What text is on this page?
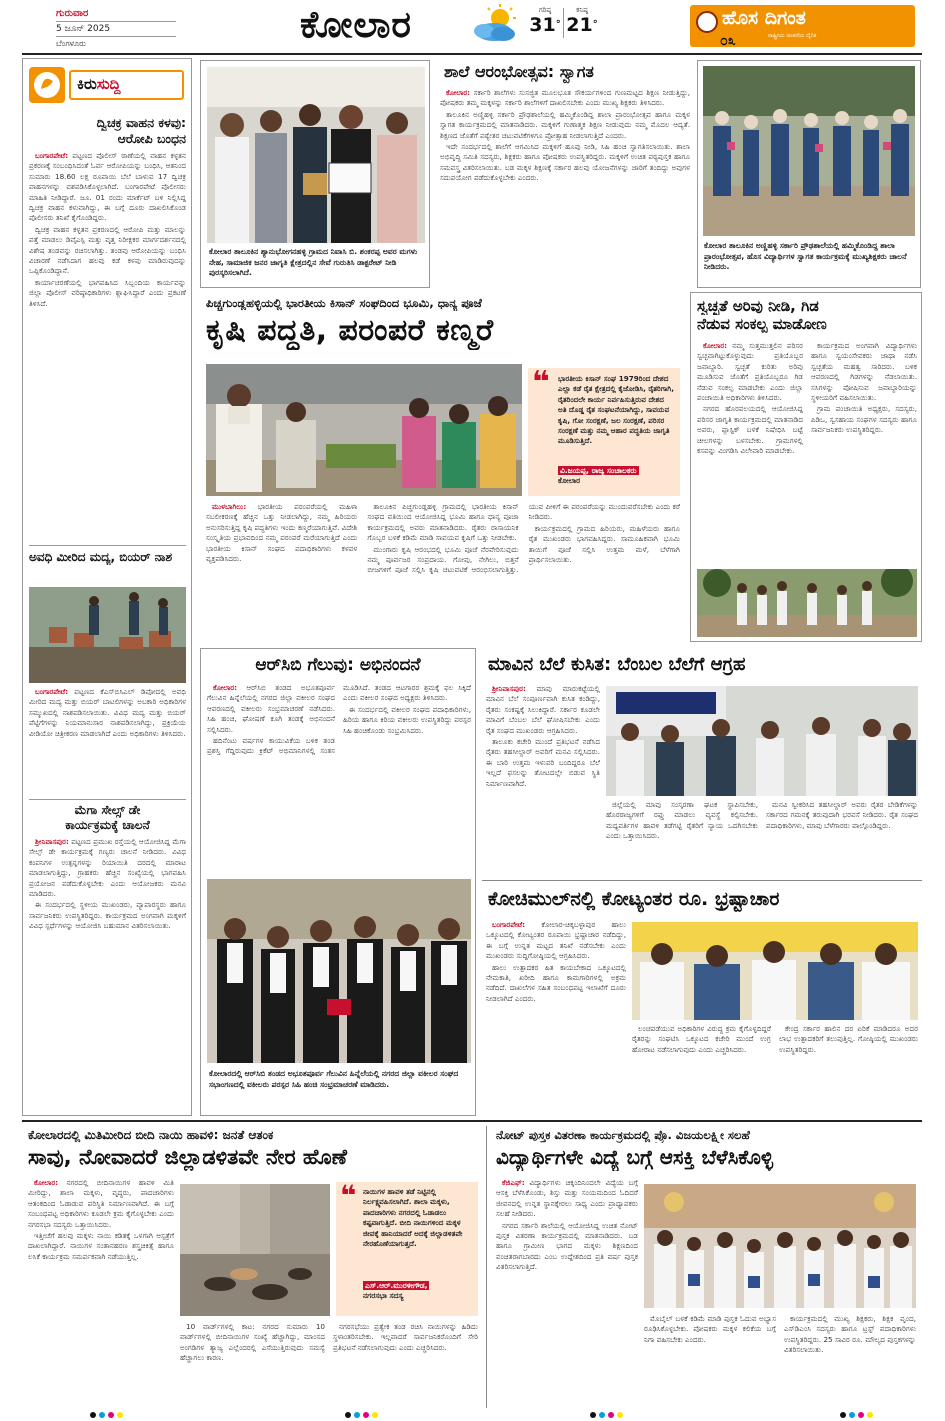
ಗುರುವಾರ
5 ಜೂನ್ 2025
ಬೆಂಗಳೂರು	ಕೋಲಾರ	ಗರಿಷ್ಠ
31°
ಕನಿಷ್ಠ
21°	ಹೊಸ ದಿಗಂತ
ರಾಷ್ಟ್ರೀಯ ಚಿಂತನೆಯ ದೈನಿಕ
೦೩
ಕಿರುಸುದ್ದಿ
ದ್ವಿಚಕ್ರ ವಾಹನ ಕಳವು:
ಆರೋಪಿ ಬಂಧನ

ಬಂಗಾರಪೇಟೆ: ಪಟ್ಟಣದ ಪೊಲೀಸ್ ಠಾಣೆಯಲ್ಲಿ ವಾಹನ ಕಳ್ಳತನ ಪ್ರಕರಣಕ್ಕೆ ಸಂಬಂಧಿಸಿದಂತೆ ಓರ್ವ ಆರೋಪಿಯನ್ನು ಬಂಧಿಸಿ, ಆತನಿಂದ ಸುಮಾರು 18.60 ಲಕ್ಷ ರೂಪಾಯಿ ಬೆಲೆ ಬಾಳುವ 17 ದ್ವಿಚಕ್ರ ವಾಹನಗಳನ್ನು ವಶಪಡಿಸಿಕೊಳ್ಳಲಾಗಿದೆ. ಬಂಗಾರಪೇಟೆ ಪೊಲೀಸರು ಮಾಹಿತಿ ನೀಡಿದ್ದಾರೆ. ಜೂ. 01 ರಂದು ಮಾರ್ಕೆಟ್ ಬಳಿ ನಿಲ್ಲಿಸಿದ್ದ ದ್ವಿಚಕ್ರ ವಾಹನ ಕಳುವಾಗಿದ್ದು, ಈ ಬಗ್ಗೆ ದೂರು ದಾಖಲಿಸಿಕೊಂಡ ಪೊಲೀಸರು ತನಿಖೆ ಕೈಗೊಂಡಿದ್ದರು.

ದ್ವಿಚಕ್ರ ವಾಹನ ಕಳ್ಳತನ ಪ್ರಕರಣದಲ್ಲಿ ಆರೋಪಿ ಮತ್ತು ಮಾಲನ್ನು ಪತ್ತೆ ಮಾಡಲು ಡಿವೈಎಸ್ಪಿ ಮತ್ತು ವೃತ್ತ ನಿರೀಕ್ಷಕರ ಮಾರ್ಗದರ್ಶನದಲ್ಲಿ ವಿಶೇಷ ತಂಡವನ್ನು ರಚಿಸಲಾಗಿತ್ತು. ತಂಡವು ಆರೋಪಿಯನ್ನು ಬಂಧಿಸಿ ವಿಚಾರಣೆ ನಡೆಸಿದಾಗ ಹಲವು ಕಡೆ ಕಳವು ಮಾಡಿರುವುದನ್ನು ಒಪ್ಪಿಕೊಂಡಿದ್ದಾನೆ.

ಕಾರ್ಯಾಚರಣೆಯಲ್ಲಿ ಭಾಗವಹಿಸಿದ ಸಿಬ್ಬಂದಿಯ ಕಾರ್ಯವನ್ನು ಜಿಲ್ಲಾ ಪೊಲೀಸ್ ವರಿಷ್ಠಾಧಿಕಾರಿಗಳು ಶ್ಲಾಘಿಸಿದ್ದಾರೆ ಎಂದು ಪ್ರಕಟಣೆ ತಿಳಿಸಿದೆ.

ಅವಧಿ ಮೀರಿದ ಮದ್ಯ, ಬಿಯರ್ ನಾಶ

ಬಂಗಾರಪೇಟೆ: ಪಟ್ಟಣದ ಕೆಎಸ್‌ಬಿಸಿಎಲ್ ಡಿಪೋದಲ್ಲಿ ಅವಧಿ ಮೀರಿದ ಮದ್ಯ ಮತ್ತು ಬಿಯರ್ ಬಾಟಲಿಗಳನ್ನು ಅಬಕಾರಿ ಅಧಿಕಾರಿಗಳ ಸಮ್ಮುಖದಲ್ಲಿ ನಾಶಪಡಿಸಲಾಯಿತು. ವಿವಿಧ ಮದ್ಯ ಮತ್ತು ಬಿಯರ್ ಪೆಟ್ಟಿಗೆಗಳನ್ನು ನಿಯಮಾನುಸಾರ ನಾಶಪಡಿಸಲಾಗಿದ್ದು, ಪ್ರಕ್ರಿಯೆಯ ವೀಡಿಯೋ ಚಿತ್ರೀಕರಣ ಮಾಡಲಾಗಿದೆ ಎಂದು ಅಧಿಕಾರಿಗಳು ತಿಳಿಸಿದರು.

ಮೆಗಾ ಸೇಲ್ಸ್ ಡೇ
ಕಾರ್ಯಕ್ರಮಕ್ಕೆ ಚಾಲನೆ

ಶ್ರೀನಿವಾಸಪುರ: ಪಟ್ಟಣದ ಪ್ರಮುಖ ರಸ್ತೆಯಲ್ಲಿ ಆಯೋಜಿಸಿದ್ದ ಮೆಗಾ ಸೇಲ್ಸ್ ಡೇ ಕಾರ್ಯಕ್ರಮಕ್ಕೆ ಗಣ್ಯರು ಚಾಲನೆ ನೀಡಿದರು. ವಿವಿಧ ಕಂಪನಿಗಳ ಉತ್ಪನ್ನಗಳನ್ನು ರಿಯಾಯಿತಿ ದರದಲ್ಲಿ ಮಾರಾಟ ಮಾಡಲಾಗುತ್ತಿದ್ದು, ಗ್ರಾಹಕರು ಹೆಚ್ಚಿನ ಸಂಖ್ಯೆಯಲ್ಲಿ ಭಾಗವಹಿಸಿ ಪ್ರಯೋಜನ ಪಡೆದುಕೊಳ್ಳಬೇಕು ಎಂದು ಆಯೋಜಕರು ಮನವಿ ಮಾಡಿದರು.

ಈ ಸಂದರ್ಭದಲ್ಲಿ ಸ್ಥಳೀಯ ಮುಖಂಡರು, ವ್ಯಾಪಾರಸ್ಥರು ಹಾಗೂ ಸಾರ್ವಜನಿಕರು ಉಪಸ್ಥಿತರಿದ್ದರು. ಕಾರ್ಯಕ್ರಮದ ಅಂಗವಾಗಿ ಮಕ್ಕಳಿಗೆ ವಿವಿಧ ಸ್ಪರ್ಧೆಗಳನ್ನು ಆಯೋಜಿಸಿ ಬಹುಮಾನ ವಿತರಿಸಲಾಯಿತು.

ಕೋಲಾರ ತಾಲೂಕಿನ ಶ್ಯಾನುಭೋಗನಹಳ್ಳಿ ಗ್ರಾಮದ ನಿವಾಸಿ ಬಿ. ಶಂಕರಪ್ಪ ಅವರ ಮಗಳು ನೇಹ, ಸಾಮಾಜಿಕ ಜನರ ಜಾಗೃತಿ ಕ್ಷೇತ್ರದಲ್ಲಿನ ಸೇವೆ ಗುರುತಿಸಿ ಡಾಕ್ಟರೇಟ್ ನೀಡಿ ಪುರಸ್ಕರಿಸಲಾಗಿದೆ.
ಶಾಲೆ ಆರಂಭೋತ್ಸವ: ಸ್ವಾಗತ

ಕೋಲಾರ: ಸರ್ಕಾರಿ ಶಾಲೆಗಳು ಸುಸಜ್ಜಿತ ಮೂಲಭೂತ ಸೌಕರ್ಯಗಳಿಂದ ಗುಣಮಟ್ಟದ ಶಿಕ್ಷಣ ನೀಡುತ್ತಿದ್ದು, ಪೋಷಕರು ತಮ್ಮ ಮಕ್ಕಳನ್ನು ಸರ್ಕಾರಿ ಶಾಲೆಗಳಿಗೆ ದಾಖಲಿಸಬೇಕು ಎಂದು ಮುಖ್ಯ ಶಿಕ್ಷಕರು ತಿಳಿಸಿದರು.

ತಾಲೂಕಿನ ಅಣ್ಣಿಹಳ್ಳಿ ಸರ್ಕಾರಿ ಪ್ರೌಢಶಾಲೆಯಲ್ಲಿ ಹಮ್ಮಿಕೊಂಡಿದ್ದ ಶಾಲಾ ಪ್ರಾರಂಭೋತ್ಸವ ಹಾಗೂ ಮಕ್ಕಳ ಸ್ವಾಗತ ಕಾರ್ಯಕ್ರಮದಲ್ಲಿ ಮಾತನಾಡಿದರು. ಮಕ್ಕಳಿಗೆ ಗುಣಾತ್ಮಕ ಶಿಕ್ಷಣ ನೀಡುವುದು ನಮ್ಮ ಮೊದಲ ಆದ್ಯತೆ. ಶಿಕ್ಷಣದ ಜೊತೆಗೆ ಪಠ್ಯೇತರ ಚಟುವಟಿಕೆಗಳಿಗೂ ಪ್ರೋತ್ಸಾಹ ನೀಡಲಾಗುತ್ತಿದೆ ಎಂದರು.

ಇದೇ ಸಂದರ್ಭದಲ್ಲಿ ಶಾಲೆಗೆ ಆಗಮಿಸಿದ ಮಕ್ಕಳಿಗೆ ಹೂವು ನೀಡಿ, ಸಿಹಿ ಹಂಚಿ ಸ್ವಾಗತಿಸಲಾಯಿತು. ಶಾಲಾ ಅಭಿವೃದ್ಧಿ ಸಮಿತಿ ಸದಸ್ಯರು, ಶಿಕ್ಷಕರು ಹಾಗೂ ಪೋಷಕರು ಉಪಸ್ಥಿತರಿದ್ದರು. ಮಕ್ಕಳಿಗೆ ಉಚಿತ ಪಠ್ಯಪುಸ್ತಕ ಹಾಗೂ ಸಮವಸ್ತ್ರ ವಿತರಿಸಲಾಯಿತು. ಬಡ ಮಕ್ಕಳ ಶಿಕ್ಷಣಕ್ಕೆ ಸರ್ಕಾರ ಹಲವು ಯೋಜನೆಗಳನ್ನು ಜಾರಿಗೆ ತಂದಿದ್ದು ಅವುಗಳ ಸದುಪಯೋಗ ಪಡೆದುಕೊಳ್ಳಬೇಕು ಎಂದರು.

ಕೋಲಾರ ತಾಲೂಕಿನ ಅಣ್ಣಿಹಳ್ಳಿ ಸರ್ಕಾರಿ ಪ್ರೌಢಶಾಲೆಯಲ್ಲಿ ಹಮ್ಮಿಕೊಂಡಿದ್ದ ಶಾಲಾ ಪ್ರಾರಂಭೋತ್ಸವ, ಹೊಸ ವಿದ್ಯಾರ್ಥಿಗಳ ಸ್ವಾಗತ ಕಾರ್ಯಕ್ರಮಕ್ಕೆ ಮುಖ್ಯಶಿಕ್ಷಕರು ಚಾಲನೆ ನೀಡಿದರು.
ಪಿಚ್ಚಗುಂಡ್ಲಹಳ್ಳಿಯಲ್ಲಿ ಭಾರತೀಯ ಕಿಸಾನ್ ಸಂಘದಿಂದ ಭೂಮಿ, ಧಾನ್ಯ ಪೂಜೆ
ಕೃಷಿ ಪದ್ಧತಿ, ಪರಂಪರೆ ಕಣ್ಮರೆ
❝ ಭಾರತೀಯ ಕಿಸಾನ್ ಸಂಘ 1979ರಿಂದ ದೇಶದ ಎಲ್ಲಾ ಕಡೆ ರೈತ ಕ್ಷೇತ್ರದಲ್ಲಿ ಕೈಜೋಡಿಸಿ, ರೈತರಿಗಾಗಿ, ರೈತರಿಂದಲೇ ಕಾರ್ಯ ನಿರ್ವಹಿಸುತ್ತಿರುವ ದೇಶದ ಅತಿ ದೊಡ್ಡ ರೈತ ಸಂಘಟನೆಯಾಗಿದ್ದು, ಸಾವಯವ ಕೃಷಿ, ಗೋ ಸಂರಕ್ಷಣೆ, ಜಲ ಸಂರಕ್ಷಣೆ, ಪರಿಸರ ಸಂರಕ್ಷಣೆ ಮತ್ತು ನಮ್ಮ ಆಹಾರ ಪದ್ಧತಿಯ ಜಾಗೃತಿ ಮೂಡಿಸುತ್ತಿದೆ.
ವಿ.ಜಯಪ್ಪ, ರಾಜ್ಯ ಸಂಚಾಲಕರು
ಕೋಲಾರ

ಮುಳಬಾಗಿಲು: ಭಾರತೀಯ ಪರಂಪರೆಯಲ್ಲಿ ಮಹಿಳಾ ಸಬಲೀಕರಣಕ್ಕೆ ಹೆಚ್ಚಿನ ಒತ್ತು ನೀಡಲಾಗಿದ್ದು, ನಮ್ಮ ಹಿರಿಯರು ಅನುಸರಿಸುತ್ತಿದ್ದ ಕೃಷಿ ಪದ್ಧತಿಗಳು ಇಂದು ಕಣ್ಮರೆಯಾಗುತ್ತಿವೆ. ವಿದೇಶಿ ಸಂಸ್ಕೃತಿಯ ಪ್ರಭಾವದಿಂದ ನಮ್ಮ ಪರಂಪರೆ ಮರೆಯಾಗುತ್ತಿದೆ ಎಂದು ಭಾರತೀಯ ಕಿಸಾನ್ ಸಂಘದ ಪದಾಧಿಕಾರಿಗಳು ಕಳವಳ ವ್ಯಕ್ತಪಡಿಸಿದರು.

ತಾಲೂಕಿನ ಪಿಚ್ಚಗುಂಡ್ಲಹಳ್ಳಿ ಗ್ರಾಮದಲ್ಲಿ ಭಾರತೀಯ ಕಿಸಾನ್ ಸಂಘದ ವತಿಯಿಂದ ಆಯೋಜಿಸಿದ್ದ ಭೂಮಿ ಹಾಗೂ ಧಾನ್ಯ ಪೂಜಾ ಕಾರ್ಯಕ್ರಮದಲ್ಲಿ ಅವರು ಮಾತನಾಡಿದರು. ರೈತರು ರಾಸಾಯನಿಕ ಗೊಬ್ಬರ ಬಳಕೆ ಕಡಿಮೆ ಮಾಡಿ ಸಾವಯವ ಕೃಷಿಗೆ ಒತ್ತು ನೀಡಬೇಕು.

ಮುಂಗಾರು ಕೃಷಿ ಆರಂಭದಲ್ಲಿ ಭೂಮಿ ಪೂಜೆ ನೆರವೇರಿಸುವುದು ನಮ್ಮ ಪೂರ್ವಜರ ಸಂಪ್ರದಾಯ. ಗೋವು, ನೇಗಿಲು, ಬಿತ್ತನೆ ಬೀಜಗಳಿಗೆ ಪೂಜೆ ಸಲ್ಲಿಸಿ ಕೃಷಿ ಚಟುವಟಿಕೆ ಆರಂಭಿಸಲಾಗುತ್ತಿತ್ತು. ಯುವ ಪೀಳಿಗೆ ಈ ಪರಂಪರೆಯನ್ನು ಮುಂದುವರೆಸಬೇಕು ಎಂದು ಕರೆ ನೀಡಿದರು.

ಕಾರ್ಯಕ್ರಮದಲ್ಲಿ ಗ್ರಾಮದ ಹಿರಿಯರು, ಮಹಿಳೆಯರು ಹಾಗೂ ರೈತ ಮುಖಂಡರು ಭಾಗವಹಿಸಿದ್ದರು. ಸಾಮೂಹಿಕವಾಗಿ ಭೂಮಿ ತಾಯಿಗೆ ಪೂಜೆ ಸಲ್ಲಿಸಿ ಉತ್ತಮ ಮಳೆ, ಬೆಳೆಗಾಗಿ ಪ್ರಾರ್ಥಿಸಲಾಯಿತು.

ಸ್ವಚ್ಛತೆ ಅರಿವು ನೀಡಿ, ಗಿಡ
ನೆಡುವ ಸಂಕಲ್ಪ ಮಾಡೋಣ

ಕೋಲಾರ: ನಮ್ಮ ಸುತ್ತಮುತ್ತಲಿನ ಪರಿಸರ ಸ್ವಚ್ಛವಾಗಿಟ್ಟುಕೊಳ್ಳುವುದು ಪ್ರತಿಯೊಬ್ಬರ ಜವಾಬ್ದಾರಿ. ಸ್ವಚ್ಛತೆ ಕುರಿತು ಅರಿವು ಮೂಡಿಸುವ ಜೊತೆಗೆ ಪ್ರತಿಯೊಬ್ಬರೂ ಗಿಡ ನೆಡುವ ಸಂಕಲ್ಪ ಮಾಡಬೇಕು ಎಂದು ಜಿಲ್ಲಾ ಪಂಚಾಯಿತಿ ಅಧಿಕಾರಿಗಳು ತಿಳಿಸಿದರು.

ನಗರದ ಹೊರವಲಯದಲ್ಲಿ ಆಯೋಜಿಸಿದ್ದ ಪರಿಸರ ಜಾಗೃತಿ ಕಾರ್ಯಕ್ರಮದಲ್ಲಿ ಮಾತನಾಡಿದ ಅವರು, ಪ್ಲಾಸ್ಟಿಕ್ ಬಳಕೆ ನಿಷೇಧಿಸಿ ಬಟ್ಟೆ ಚೀಲಗಳನ್ನು ಬಳಸಬೇಕು. ಗ್ರಾಮಗಳಲ್ಲಿ ಕಸವನ್ನು ವಿಂಗಡಿಸಿ ವಿಲೇವಾರಿ ಮಾಡಬೇಕು.

ಕಾರ್ಯಕ್ರಮದ ಅಂಗವಾಗಿ ವಿದ್ಯಾರ್ಥಿಗಳು ಹಾಗೂ ಸ್ವಯಂಸೇವಕರು ಜಾಥಾ ನಡೆಸಿ ಸ್ವಚ್ಛತೆಯ ಮಹತ್ವ ಸಾರಿದರು. ಬಳಿಕ ಆವರಣದಲ್ಲಿ ಗಿಡಗಳನ್ನು ನೆಡಲಾಯಿತು. ಸಸಿಗಳನ್ನು ಪೋಷಿಸುವ ಜವಾಬ್ದಾರಿಯನ್ನು ಸ್ಥಳೀಯರಿಗೆ ವಹಿಸಲಾಯಿತು.

ಗ್ರಾಮ ಪಂಚಾಯಿತಿ ಅಧ್ಯಕ್ಷರು, ಸದಸ್ಯರು, ಪಿಡಿಒ, ಸ್ವಸಹಾಯ ಸಂಘಗಳ ಸದಸ್ಯರು ಹಾಗೂ ಸಾರ್ವಜನಿಕರು ಉಪಸ್ಥಿತರಿದ್ದರು.

ಆರ್‌ಸಿಬಿ ಗೆಲುವು: ಅಭಿನಂದನೆ

ಕೋಲಾರ: ಆರ್‌ಸಿಬಿ ತಂಡದ ಅಭೂತಪೂರ್ವ ಗೆಲುವಿನ ಹಿನ್ನೆಲೆಯಲ್ಲಿ ನಗರದ ಜಿಲ್ಲಾ ವಕೀಲರ ಸಂಘದ ಆವರಣದಲ್ಲಿ ವಕೀಲರು ಸಂಭ್ರಮಾಚರಣೆ ನಡೆಸಿದರು. ಸಿಹಿ ಹಂಚಿ, ಘೋಷಣೆ ಕೂಗಿ ತಂಡಕ್ಕೆ ಅಭಿನಂದನೆ ಸಲ್ಲಿಸಿದರು.

ಹದಿನೆಂಟು ವರ್ಷಗಳ ಕಾಯುವಿಕೆಯ ಬಳಿಕ ತಂಡ ಪ್ರಶಸ್ತಿ ಗೆದ್ದಿರುವುದು ಕ್ರಿಕೆಟ್ ಅಭಿಮಾನಿಗಳಲ್ಲಿ ಸಂತಸ ಮೂಡಿಸಿದೆ. ತಂಡದ ಆಟಗಾರರ ಶ್ರಮಕ್ಕೆ ಫಲ ಸಿಕ್ಕಿದೆ ಎಂದು ವಕೀಲರ ಸಂಘದ ಅಧ್ಯಕ್ಷರು ತಿಳಿಸಿದರು.

ಈ ಸಂದರ್ಭದಲ್ಲಿ ವಕೀಲರ ಸಂಘದ ಪದಾಧಿಕಾರಿಗಳು, ಹಿರಿಯ ಹಾಗೂ ಕಿರಿಯ ವಕೀಲರು ಉಪಸ್ಥಿತರಿದ್ದು ಪರಸ್ಪರ ಸಿಹಿ ಹಂಚಿಕೊಂಡು ಸಂಭ್ರಮಿಸಿದರು.

ಕೋಲಾರದಲ್ಲಿ ಆರ್‌ಸಿಬಿ ತಂಡದ ಅಭೂತಪೂರ್ವ ಗೆಲುವಿನ ಹಿನ್ನೆಲೆಯಲ್ಲಿ ನಗರದ ಜಿಲ್ಲಾ ವಕೀಲರ ಸಂಘದ ಸಭಾಂಗಣದಲ್ಲಿ ವಕೀಲರು ಪರಸ್ಪರ ಸಿಹಿ ಹಂಚಿ ಸಂಭ್ರಮಾಚರಣೆ ಮಾಡಿದರು.
ಮಾವಿನ ಬೆಲೆ ಕುಸಿತ: ಬೆಂಬಲ ಬೆಲೆಗೆ ಆಗ್ರಹ

ಶ್ರೀನಿವಾಸಪುರ: ಮಾವು ಮಾರುಕಟ್ಟೆಯಲ್ಲಿ ಮಾವಿನ ಬೆಲೆ ಸಂಪೂರ್ಣವಾಗಿ ಕುಸಿತ ಕಂಡಿದ್ದು, ರೈತರು ಸಂಕಷ್ಟಕ್ಕೆ ಸಿಲುಕಿದ್ದಾರೆ. ಸರ್ಕಾರ ಕೂಡಲೇ ಮಾವಿಗೆ ಬೆಂಬಲ ಬೆಲೆ ಘೋಷಿಸಬೇಕು ಎಂದು ರೈತ ಸಂಘದ ಮುಖಂಡರು ಆಗ್ರಹಿಸಿದರು.

ತಾಲೂಕು ಕಚೇರಿ ಮುಂದೆ ಪ್ರತಿಭಟನೆ ನಡೆಸಿದ ರೈತರು ತಹಸೀಲ್ದಾರ್ ಅವರಿಗೆ ಮನವಿ ಸಲ್ಲಿಸಿದರು. ಈ ಬಾರಿ ಉತ್ತಮ ಇಳುವರಿ ಬಂದಿದ್ದರೂ ಬೆಲೆ ಇಲ್ಲದೆ ಫಸಲನ್ನು ತೋಟದಲ್ಲೇ ಬಿಡುವ ಸ್ಥಿತಿ ನಿರ್ಮಾಣವಾಗಿದೆ.

ಜಿಲ್ಲೆಯಲ್ಲಿ ಮಾವು ಸಂಸ್ಕರಣಾ ಘಟಕ ಸ್ಥಾಪಿಸಬೇಕು, ಹೊರರಾಜ್ಯಗಳಿಗೆ ರಫ್ತು ಮಾಡಲು ವ್ಯವಸ್ಥೆ ಕಲ್ಪಿಸಬೇಕು. ಮಧ್ಯವರ್ತಿಗಳ ಹಾವಳಿ ತಡೆಗಟ್ಟಿ ರೈತರಿಗೆ ನ್ಯಾಯ ಒದಗಿಸಬೇಕು ಎಂದು ಒತ್ತಾಯಿಸಿದರು.

ಮನವಿ ಸ್ವೀಕರಿಸಿದ ತಹಸೀಲ್ದಾರ್ ಅವರು ರೈತರ ಬೇಡಿಕೆಗಳನ್ನು ಸರ್ಕಾರದ ಗಮನಕ್ಕೆ ತರುವುದಾಗಿ ಭರವಸೆ ನೀಡಿದರು. ರೈತ ಸಂಘದ ಪದಾಧಿಕಾರಿಗಳು, ಮಾವು ಬೆಳೆಗಾರರು ಪಾಲ್ಗೊಂಡಿದ್ದರು.

ಕೋಚಿಮುಲ್‌ನಲ್ಲಿ ಕೋಟ್ಯಂತರ ರೂ. ಭ್ರಷ್ಟಾಚಾರ

ಬಂಗಾರಪೇಟೆ: ಕೋಲಾರ-ಚಿಕ್ಕಬಳ್ಳಾಪುರ ಹಾಲು ಒಕ್ಕೂಟದಲ್ಲಿ ಕೋಟ್ಯಂತರ ರೂಪಾಯಿ ಭ್ರಷ್ಟಾಚಾರ ನಡೆದಿದ್ದು, ಈ ಬಗ್ಗೆ ಉನ್ನತ ಮಟ್ಟದ ತನಿಖೆ ನಡೆಸಬೇಕು ಎಂದು ಮುಖಂಡರು ಸುದ್ದಿಗೋಷ್ಠಿಯಲ್ಲಿ ಆಗ್ರಹಿಸಿದರು.

ಹಾಲು ಉತ್ಪಾದಕರ ಹಿತ ಕಾಯಬೇಕಾದ ಒಕ್ಕೂಟದಲ್ಲಿ ನೇಮಕಾತಿ, ಖರೀದಿ ಹಾಗೂ ಕಾಮಗಾರಿಗಳಲ್ಲಿ ಅಕ್ರಮ ನಡೆದಿದೆ. ದಾಖಲೆಗಳ ಸಹಿತ ಸಂಬಂಧಪಟ್ಟ ಇಲಾಖೆಗೆ ದೂರು ನೀಡಲಾಗಿದೆ ಎಂದರು.

ಲಂಚಪಡೆಯುವ ಅಧಿಕಾರಿಗಳ ವಿರುದ್ಧ ಕ್ರಮ ಕೈಗೊಳ್ಳದಿದ್ದರೆ ರೈತರನ್ನು ಸಂಘಟಿಸಿ ಒಕ್ಕೂಟದ ಕಚೇರಿ ಮುಂದೆ ಉಗ್ರ ಹೋರಾಟ ನಡೆಸಲಾಗುವುದು ಎಂದು ಎಚ್ಚರಿಸಿದರು.

ಕೇಂದ್ರ ಸರ್ಕಾರ ಹಾಲಿನ ದರ ಏರಿಕೆ ಮಾಡಿದರೂ ಅದರ ಲಾಭ ಉತ್ಪಾದಕರಿಗೆ ತಲುಪುತ್ತಿಲ್ಲ. ಗೋಷ್ಠಿಯಲ್ಲಿ ಮುಖಂಡರು ಉಪಸ್ಥಿತರಿದ್ದರು.

ಕೋಲಾರದಲ್ಲಿ ಮಿತಿಮೀರಿದ ಬೀದಿ ನಾಯಿ ಹಾವಳಿ: ಜನತೆ ಆತಂಕ
ಸಾವು, ನೋವಾದರೆ ಜಿಲ್ಲಾಡಳಿತವೇ ನೇರ ಹೊಣೆ

ಕೋಲಾರ: ನಗರದಲ್ಲಿ ಬೀದಿನಾಯಿಗಳ ಹಾವಳಿ ಮಿತಿ ಮೀರಿದ್ದು, ಶಾಲಾ ಮಕ್ಕಳು, ವೃದ್ಧರು, ಪಾದಚಾರಿಗಳು ಆತಂಕದಿಂದ ಓಡಾಡುವ ಪರಿಸ್ಥಿತಿ ನಿರ್ಮಾಣವಾಗಿದೆ. ಈ ಬಗ್ಗೆ ಸಂಬಂಧಪಟ್ಟ ಅಧಿಕಾರಿಗಳು ಕೂಡಲೇ ಕ್ರಮ ಕೈಗೊಳ್ಳಬೇಕು ಎಂದು ನಗರಸಭಾ ಸದಸ್ಯರು ಒತ್ತಾಯಿಸಿದರು.

ಇತ್ತೀಚೆಗೆ ಹಲವು ಮಕ್ಕಳು ನಾಯಿ ಕಡಿತಕ್ಕೆ ಒಳಗಾಗಿ ಆಸ್ಪತ್ರೆಗೆ ದಾಖಲಾಗಿದ್ದಾರೆ. ನಾಯಿಗಳ ಸಂತಾನಹರಣ ಶಸ್ತ್ರಚಿಕಿತ್ಸೆ ಹಾಗೂ ಲಸಿಕೆ ಕಾರ್ಯಕ್ರಮ ಸಮರ್ಪಕವಾಗಿ ನಡೆಯುತ್ತಿಲ್ಲ.

❝ ನಾಯಿಗಳ ಹಾವಳಿ ತಡೆ ನಿಟ್ಟಿನಲ್ಲಿ ನಿರ್ಲಕ್ಷ್ಯವಹಿಸಲಾಗಿದೆ. ಶಾಲಾ ಮಕ್ಕಳು, ಪಾದಚಾರಿಗಳು ನಗರದಲ್ಲಿ ಓಡಾಡಲು ಕಷ್ಟವಾಗುತ್ತಿದೆ. ಬೀದಿ ನಾಯಿಗಳಿಂದ ಮಕ್ಕಳ ಜೀವಕ್ಕೆ ಹಾನಿಯಾದರೆ ಅದಕ್ಕೆ ಜಿಲ್ಲಾಡಳಿತವೇ ನೇರಹೊಣೆಯಾಗುತ್ತದೆ.
ಎಸ್.ಆರ್.ಮುರಳೀಗೌಡ,
ನಗರಸಭಾ ಸದಸ್ಯ

10 ವಾರ್ಡ್‌ಗಳಲ್ಲಿ ಕಾಟ: ನಗರದ ಸುಮಾರು 10 ವಾರ್ಡ್‌ಗಳಲ್ಲಿ ಬೀದಿನಾಯಿಗಳ ಸಂಖ್ಯೆ ಹೆಚ್ಚಾಗಿದ್ದು, ಮಾಂಸದ ಅಂಗಡಿಗಳ ತ್ಯಾಜ್ಯ ಎಲ್ಲೆಂದರಲ್ಲಿ ಎಸೆಯುತ್ತಿರುವುದು ಸಮಸ್ಯೆ ಹೆಚ್ಚಾಗಲು ಕಾರಣ.

ನಗರಸಭೆಯು ಪ್ರತ್ಯೇಕ ತಂಡ ರಚಿಸಿ ನಾಯಿಗಳನ್ನು ಹಿಡಿದು ಸ್ಥಳಾಂತರಿಸಬೇಕು. ಇಲ್ಲವಾದರೆ ಸಾರ್ವಜನಿಕರೊಂದಿಗೆ ಸೇರಿ ಪ್ರತಿಭಟನೆ ನಡೆಸಲಾಗುವುದು ಎಂದು ಎಚ್ಚರಿಸಿದರು.

ನೋಟ್ ಪುಸ್ತಕ ವಿತರಣಾ ಕಾರ್ಯಕ್ರಮದಲ್ಲಿ ಪ್ರೊ. ವಿಜಯಲಕ್ಷ್ಮೀ ಸಲಹೆ
ವಿದ್ಯಾರ್ಥಿಗಳೇ ವಿದ್ಯೆ ಬಗ್ಗೆ ಆಸಕ್ತಿ ಬೆಳೆಸಿಕೊಳ್ಳಿ

ಕೆಜಿಎಫ್: ವಿದ್ಯಾರ್ಥಿಗಳು ಚಿಕ್ಕಂದಿನಿಂದಲೇ ವಿದ್ಯೆಯ ಬಗ್ಗೆ ಆಸಕ್ತಿ ಬೆಳೆಸಿಕೊಂಡು, ಶಿಸ್ತು ಮತ್ತು ಸಂಯಮದಿಂದ ಓದಿದರೆ ಜೀವನದಲ್ಲಿ ಉನ್ನತ ಸ್ಥಾನಕ್ಕೇರಲು ಸಾಧ್ಯ ಎಂದು ಪ್ರಾಧ್ಯಾಪಕರು ಸಲಹೆ ನೀಡಿದರು.

ನಗರದ ಸರ್ಕಾರಿ ಶಾಲೆಯಲ್ಲಿ ಆಯೋಜಿಸಿದ್ದ ಉಚಿತ ನೋಟ್ ಪುಸ್ತಕ ವಿತರಣಾ ಕಾರ್ಯಕ್ರಮದಲ್ಲಿ ಮಾತನಾಡಿದರು. ಬಡ ಹಾಗೂ ಗ್ರಾಮೀಣ ಭಾಗದ ಮಕ್ಕಳು ಶಿಕ್ಷಣದಿಂದ ವಂಚಿತರಾಗಬಾರದು ಎಂಬ ಉದ್ದೇಶದಿಂದ ಪ್ರತಿ ವರ್ಷ ಪುಸ್ತಕ ವಿತರಿಸಲಾಗುತ್ತಿದೆ.

ಮೊಬೈಲ್ ಬಳಕೆ ಕಡಿಮೆ ಮಾಡಿ ಪುಸ್ತಕ ಓದುವ ಅಭ್ಯಾಸ ರೂಢಿಸಿಕೊಳ್ಳಬೇಕು. ಪೋಷಕರು ಮಕ್ಕಳ ಕಲಿಕೆಯ ಬಗ್ಗೆ ನಿಗಾ ವಹಿಸಬೇಕು ಎಂದರು.

ಕಾರ್ಯಕ್ರಮದಲ್ಲಿ ಮುಖ್ಯ ಶಿಕ್ಷಕರು, ಶಿಕ್ಷಕ ವೃಂದ, ಎಸ್‌ಡಿಎಂಸಿ ಸದಸ್ಯರು ಹಾಗೂ ಟ್ರಸ್ಟ್ ಪದಾಧಿಕಾರಿಗಳು ಉಪಸ್ಥಿತರಿದ್ದರು. 25 ಸಾವಿರ ರೂ. ಮೌಲ್ಯದ ಪುಸ್ತಕಗಳನ್ನು ವಿತರಿಸಲಾಯಿತು.
